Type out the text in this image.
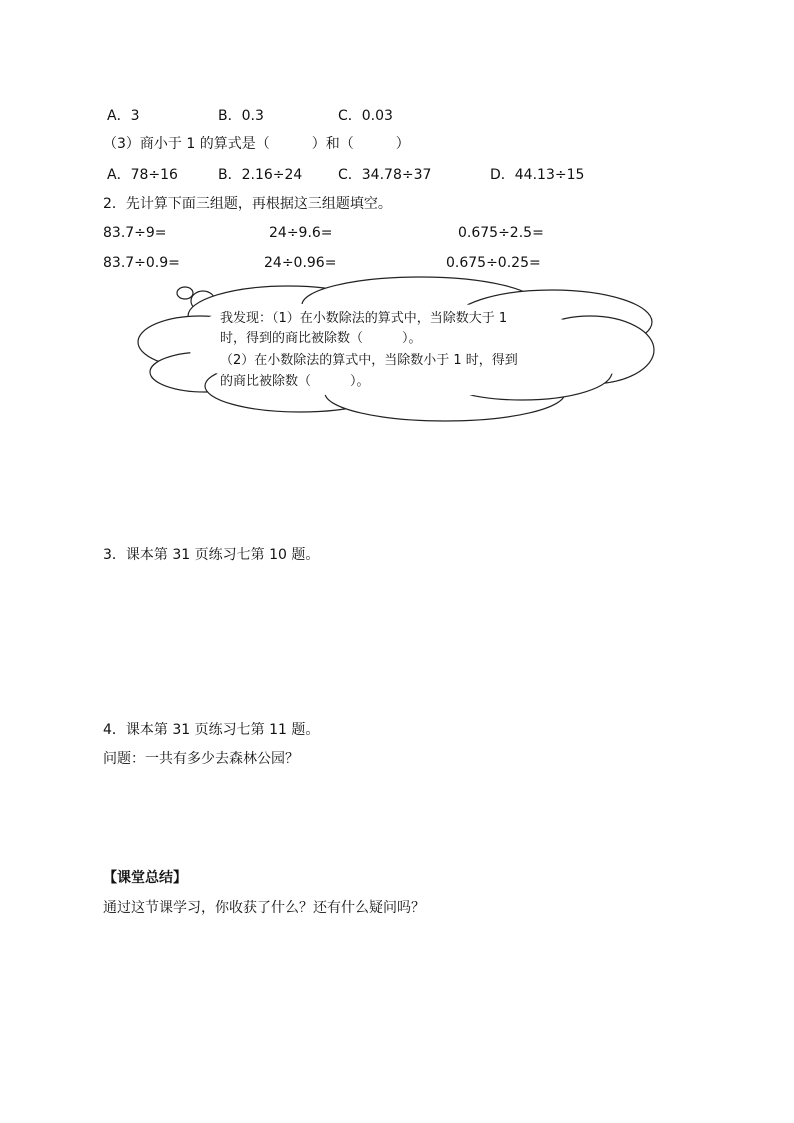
A．3	B．0.3	C．0.03
（3）商小于 1 的算式是（　　　）和（　　　）
A．78÷16	B．2.16÷24	C．34.78÷37	D．44.13÷15
2．先计算下面三组题，再根据这三组题填空。
83.7÷9=	24÷9.6=	0.675÷2.5=
83.7÷0.9=	24÷0.96=	0.675÷0.25=
我发现：（1）在小数除法的算式中，当除数大于 1
时，得到的商比被除数（　　　）。
（2）在小数除法的算式中，当除数小于 1 时，得到
的商比被除数（　　　）。
3．课本第 31 页练习七第 10 题。
4．课本第 31 页练习七第 11 题。
问题：一共有多少去森林公园？
【课堂总结】
通过这节课学习，你收获了什么？还有什么疑问吗？
